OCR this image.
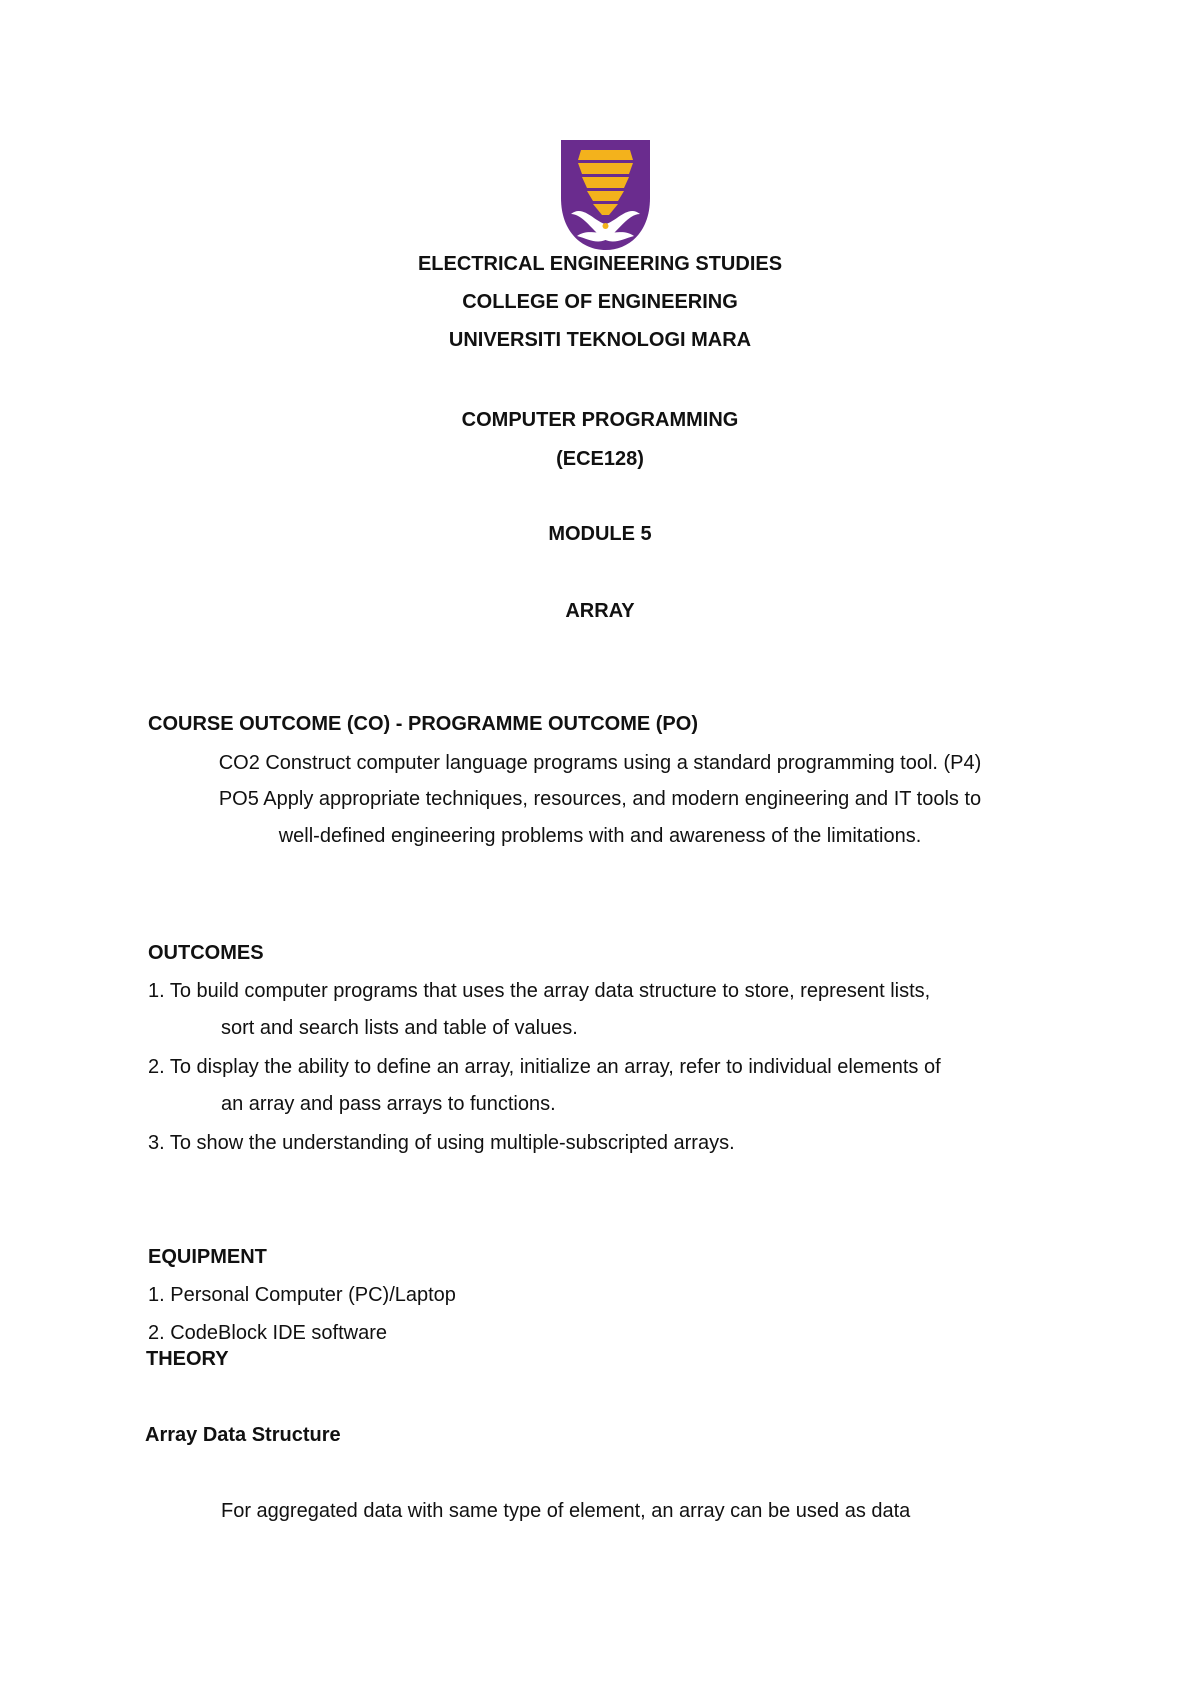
ELECTRICAL ENGINEERING STUDIES
COLLEGE OF ENGINEERING
UNIVERSITI TEKNOLOGI MARA
COMPUTER PROGRAMMING
(ECE128)
MODULE 5
ARRAY
COURSE OUTCOME (CO) - PROGRAMME OUTCOME (PO)
CO2 Construct computer language programs using a standard programming tool. (P4)
PO5 Apply appropriate techniques, resources, and modern engineering and IT tools to
well-defined engineering problems with and awareness of the limitations.
OUTCOMES
1. To build computer programs that uses the array data structure to store, represent lists,
sort and search lists and table of values.
2. To display the ability to define an array, initialize an array, refer to individual elements of
an array and pass arrays to functions.
3. To show the understanding of using multiple-subscripted arrays.
EQUIPMENT
1. Personal Computer (PC)/Laptop
2. CodeBlock IDE software
THEORY
Array Data Structure
For aggregated data with same type of element, an array can be used as data
